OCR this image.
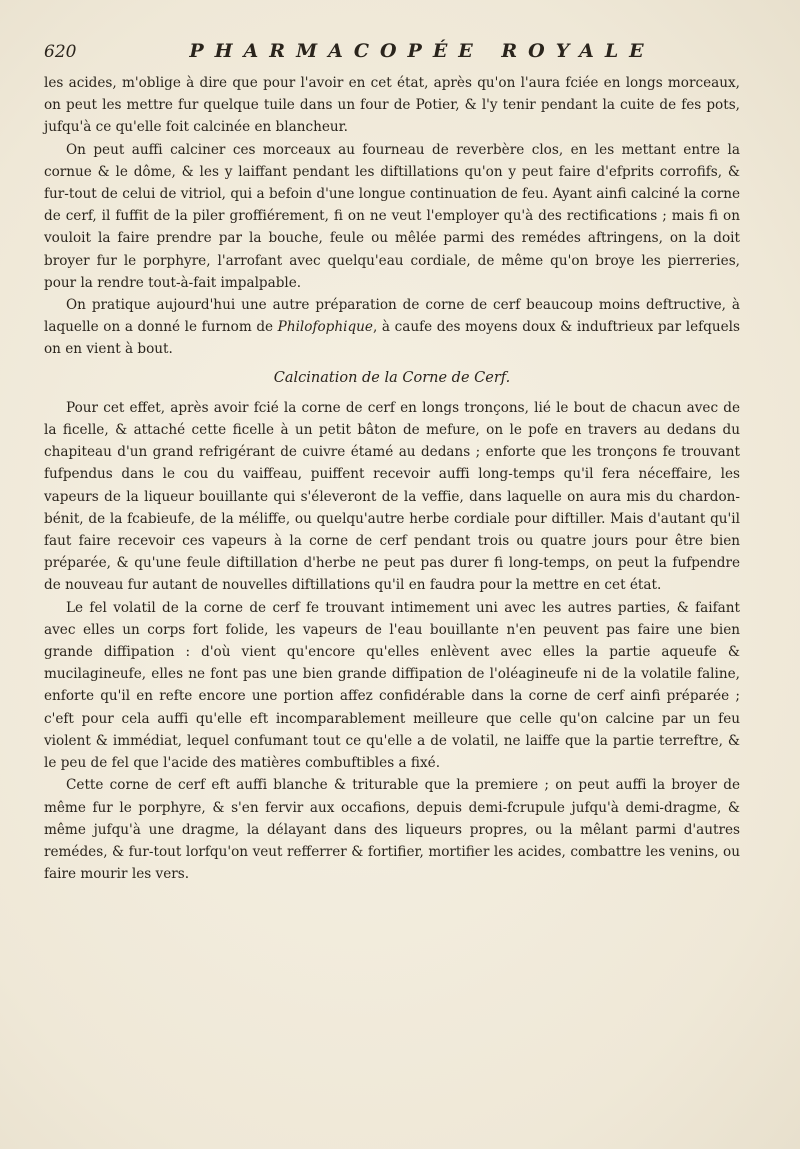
620	PHARMACOPÉE ROYALE

les acides, m'oblige à dire que pour l'avoir en cet état, après qu'on l'aura fciée en longs morceaux, on peut les mettre fur quelque tuile dans un four de Potier, & l'y tenir pendant la cuite de fes pots, jufqu'à ce qu'elle foit calcinée en blancheur.

On peut auffi calciner ces morceaux au fourneau de reverbère clos, en les mettant entre la cornue & le dôme, & les y laiffant pendant les diftillations qu'on y peut faire d'efprits corrofifs, & fur-tout de celui de vitriol, qui a befoin d'une longue continuation de feu. Ayant ainfi calciné la corne de cerf, il fuffit de la piler groffiérement, fi on ne veut l'employer qu'à des rectifications ; mais fi on vouloit la faire prendre par la bouche, feule ou mêlée parmi des remédes aftringens, on la doit broyer fur le porphyre, l'arrofant avec quelqu'eau cordiale, de même qu'on broye les pierreries, pour la rendre tout-à-fait impalpable.

On pratique aujourd'hui une autre préparation de corne de cerf beaucoup moins deftructive, à laquelle on a donné le furnom de Philofophique, à caufe des moyens doux & induftrieux par lefquels on en vient à bout.

Calcination de la Corne de Cerf.

Pour cet effet, après avoir fcié la corne de cerf en longs tronçons, lié le bout de chacun avec de la ficelle, & attaché cette ficelle à un petit bâton de mefure, on le pofe en travers au dedans du chapiteau d'un grand refrigérant de cuivre étamé au dedans ; enforte que les tronçons fe trouvant fufpendus dans le cou du vaiffeau, puiffent recevoir auffi long-temps qu'il fera néceffaire, les vapeurs de la liqueur bouillante qui s'éleveront de la veffie, dans laquelle on aura mis du chardon-bénit, de la fcabieufe, de la méliffe, ou quelqu'autre herbe cordiale pour diftiller. Mais d'autant qu'il faut faire recevoir ces vapeurs à la corne de cerf pendant trois ou quatre jours pour être bien préparée, & qu'une feule diftillation d'herbe ne peut pas durer fi long-temps, on peut la fufpendre de nouveau fur autant de nouvelles diftillations qu'il en faudra pour la mettre en cet état.

Le fel volatil de la corne de cerf fe trouvant intimement uni avec les autres parties, & faifant avec elles un corps fort folide, les vapeurs de l'eau bouillante n'en peuvent pas faire une bien grande diffipation : d'où vient qu'encore qu'elles enlèvent avec elles la partie aqueufe & mucilagineufe, elles ne font pas une bien grande diffipation de l'oléagineufe ni de la volatile faline, enforte qu'il en refte encore une portion affez confidérable dans la corne de cerf ainfi préparée ; c'eft pour cela auffi qu'elle eft incomparablement meilleure que celle qu'on calcine par un feu violent & immédiat, lequel confumant tout ce qu'elle a de volatil, ne laiffe que la partie terreftre, & le peu de fel que l'acide des matières combuftibles a fixé.

Cette corne de cerf eft auffi blanche & triturable que la premiere ; on peut auffi la broyer de même fur le porphyre, & s'en fervir aux occafions, depuis demi-fcrupule jufqu'à demi-dragme, & même jufqu'à une dragme, la délayant dans des liqueurs propres, ou la mêlant parmi d'autres remédes, & fur-tout lorfqu'on veut refferrer & fortifier, mortifier les acides, combattre les venins, ou faire mourir les vers.
